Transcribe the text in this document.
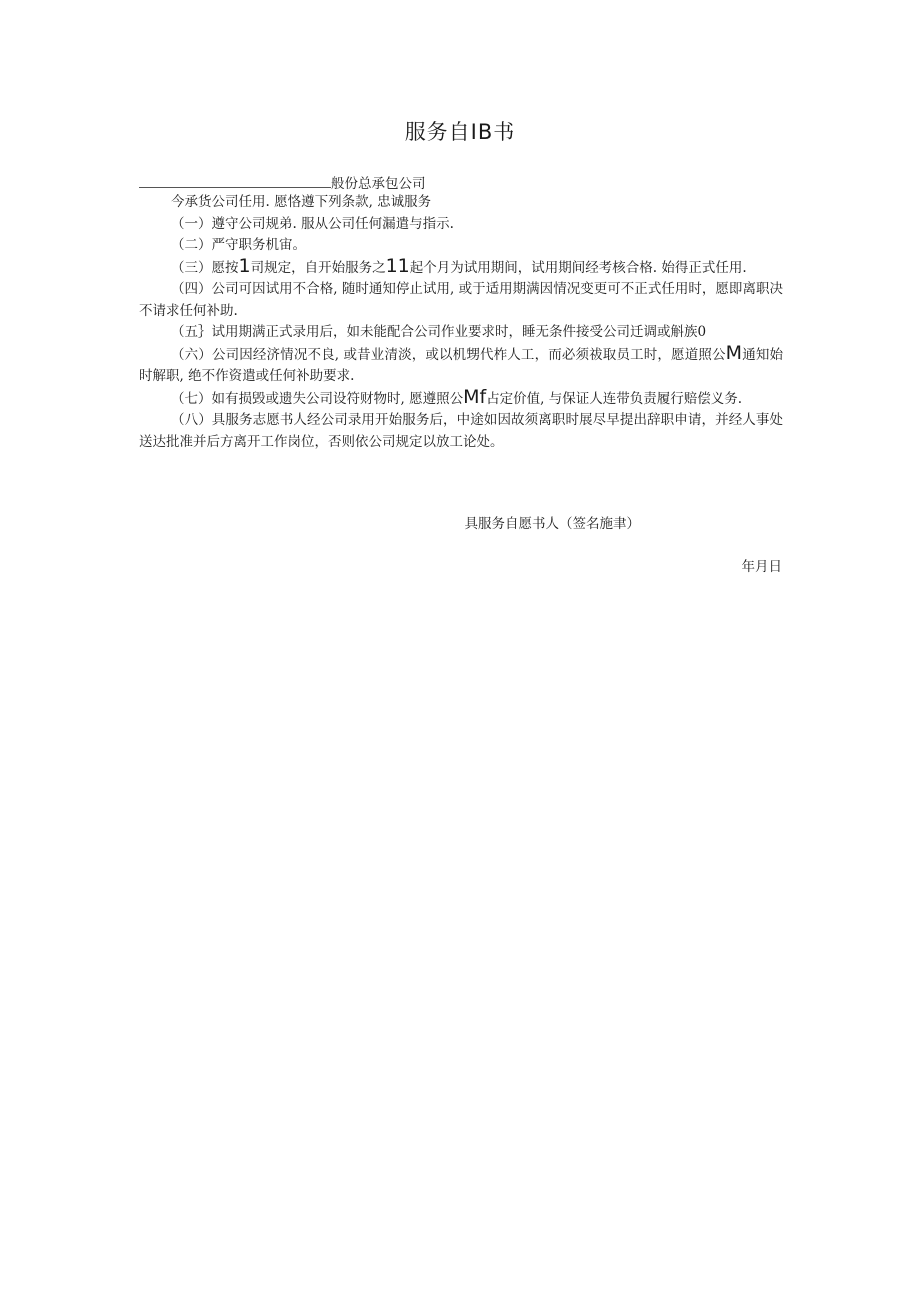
服务自IB书
般份总承包公司

今承货公司任用. 愿恪遵下列条款, 忠诚服务

（一）遵守公司规弟. 服从公司任何漏遣与指示.

（二）严守职务机宙。

（三）愿按1司规定，自开始服务之11起个月为试用期间，试用期间经考核合格. 始得正式任用.

（四）公司可因试用不合格, 随时通知停止试用, 或于适用期满因情况变更可不正式任用时，愿即离职决不请求任何补助.

（五｝试用期满正式录用后，如未能配合公司作业要求时，睡无条件接受公司迁调或斛族0

（六）公司因经济情况不良, 或昔业清淡，或以机甥代柞人工，而必须祓取员工时，愿道照公M通知始时解职, 绝不作资遣或任何补助要求.

（七）如有损毁或遗失公司设符财物时, 愿遵照公Mf占定价值, 与保证人连带负责履行赔偿义务.

（八）具服务志愿书人经公司录用开始服务后，中途如因故须离职时展尽早提出辞职申请，并经人事处送达批准并后方离开工作岗位，否则依公司规定以放工论处。

具服务自愿书人（签名施聿）
年月日
